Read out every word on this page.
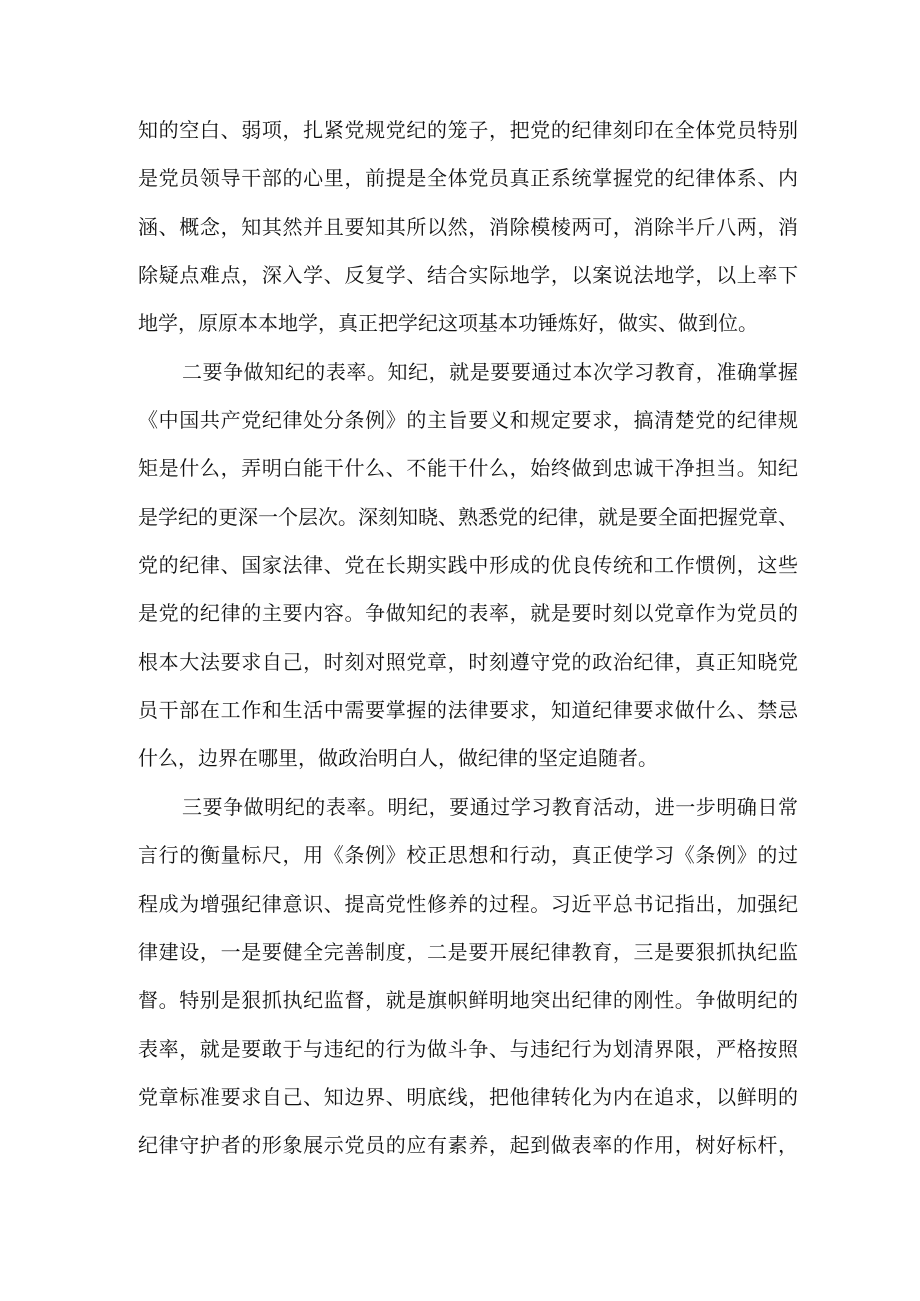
知的空白、弱项，扎紧党规党纪的笼子，把党的纪律刻印在全体党员特别
是党员领导干部的心里，前提是全体党员真正系统掌握党的纪律体系、内
涵、概念，知其然并且要知其所以然，消除模棱两可，消除半斤八两，消
除疑点难点，深入学、反复学、结合实际地学，以案说法地学，以上率下
地学，原原本本地学，真正把学纪这项基本功锤炼好，做实、做到位。
二要争做知纪的表率。知纪，就是要要通过本次学习教育，准确掌握
《中国共产党纪律处分条例》的主旨要义和规定要求，搞清楚党的纪律规
矩是什么，弄明白能干什么、不能干什么，始终做到忠诚干净担当。知纪
是学纪的更深一个层次。深刻知晓、熟悉党的纪律，就是要全面把握党章、
党的纪律、国家法律、党在长期实践中形成的优良传统和工作惯例，这些
是党的纪律的主要内容。争做知纪的表率，就是要时刻以党章作为党员的
根本大法要求自己，时刻对照党章，时刻遵守党的政治纪律，真正知晓党
员干部在工作和生活中需要掌握的法律要求，知道纪律要求做什么、禁忌
什么，边界在哪里，做政治明白人，做纪律的坚定追随者。
三要争做明纪的表率。明纪，要通过学习教育活动，进一步明确日常
言行的衡量标尺，用《条例》校正思想和行动，真正使学习《条例》的过
程成为增强纪律意识、提高党性修养的过程。习近平总书记指出，加强纪
律建设，一是要健全完善制度，二是要开展纪律教育，三是要狠抓执纪监
督。特别是狠抓执纪监督，就是旗帜鲜明地突出纪律的刚性。争做明纪的
表率，就是要敢于与违纪的行为做斗争、与违纪行为划清界限，严格按照
党章标准要求自己、知边界、明底线，把他律转化为内在追求，以鲜明的
纪律守护者的形象展示党员的应有素养，起到做表率的作用，树好标杆，
